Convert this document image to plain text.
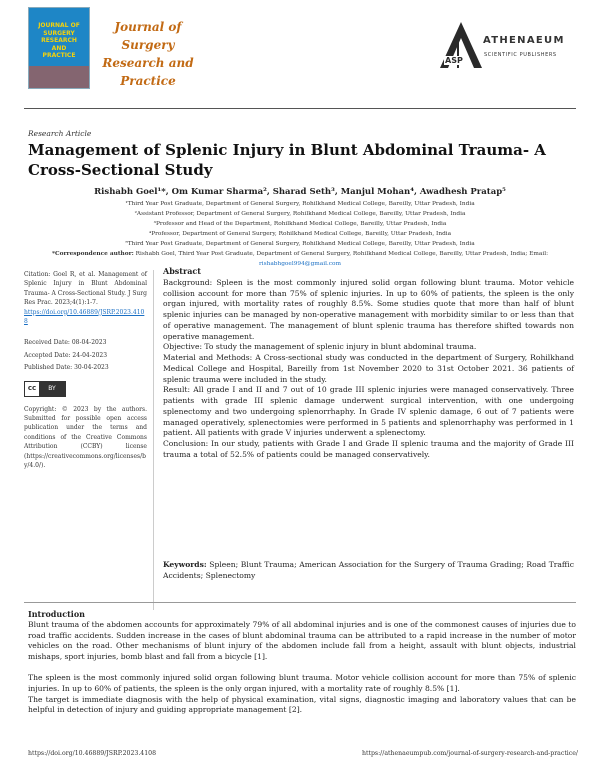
JOURNAL OF
SURGERY
RESEARCH
AND
PRACTICE
Journal of Surgery
Research and
Practice
ASP
ATHENAEUM
SCIENTIFIC PUBLISHERS
Research Article
Management of Splenic Injury in Blunt Abdominal Trauma- A Cross-Sectional Study
Rishabh Goel¹*, Om Kumar Sharma², Sharad Seth³, Manjul Mohan⁴, Awadhesh Pratap⁵

¹Third Year Post Graduate, Department of General Surgery, Rohilkhand Medical College, Bareilly, Uttar Pradesh, India

²Assistant Professor, Department of General Surgery, Rohilkhand Medical College, Bareilly, Uttar Pradesh, India

³Professor and Head of the Department, Rohilkhand Medical College, Bareilly, Uttar Pradesh, India

⁴Professor, Department of General Surgery, Rohilkhand Medical College, Bareilly, Uttar Pradesh, India

⁵Third Year Post Graduate, Department of General Surgery, Rohilkhand Medical College, Bareilly, Uttar Pradesh, India

*Correspondence author: Rishabh Goel, Third Year Post Graduate, Department of General Surgery, Rohilkhand Medical College, Bareilly, Uttar Pradesh, India; Email: rishabhgoel994@gmail.com

Citation: Goel R, et al. Management of Splenic Injury in Blunt Abdominal Trauma- A Cross-Sectional Study. J Surg Res Prac. 2023;4(1):1-7.

https://doi.org/10.46889/JSRP.2023.4108

Received Date: 08-04-2023

Accepted Date: 24-04-2023

Published Date: 30-04-2023

cc	BY

Copyright: © 2023 by the authors. Submitted for possible open access publication under the terms and conditions of the Creative Commons Attribution (CCBY) license (https://creativecommons.org/licenses/by/4.0/).

Abstract

Background: Spleen is the most commonly injured solid organ following blunt trauma. Motor vehicle collision account for more than 75% of splenic injuries. In up to 60% of patients, the spleen is the only organ injured, with mortality rates of roughly 8.5%. Some studies quote that more than half of blunt splenic injuries can be managed by non-operative management with morbidity similar to or less than that of operative management. The management of blunt splenic trauma has therefore shifted towards non operative management.

Objective: To study the management of splenic injury in blunt abdominal trauma.

Material and Methods: A Cross-sectional study was conducted in the department of Surgery, Rohilkhand Medical College and Hospital, Bareilly from 1st November 2020 to 31st October 2021. 36 patients of splenic trauma were included in the study.

Result: All grade I and II and 7 out of 10 grade III splenic injuries were managed conservatively. Three patients with grade III splenic damage underwent surgical intervention, with one undergoing splenectomy and two undergoing splenorrhaphy. In Grade IV splenic damage, 6 out of 7 patients were managed operatively, splenectomies were performed in 5 patients and splenorrhaphy was performed in 1 patient. All patients with grade V injuries underwent a splenectomy.

Conclusion: In our study, patients with Grade I and Grade II splenic trauma and the majority of Grade III trauma a total of 52.5% of patients could be managed conservatively.

Keywords: Spleen; Blunt Trauma; American Association for the Surgery of Trauma Grading; Road Traffic Accidents; Splenectomy

Introduction

Blunt trauma of the abdomen accounts for approximately 79% of all abdominal injuries and is one of the commonest causes of injuries due to road traffic accidents. Sudden increase in the cases of blunt abdominal trauma can be attributed to a rapid increase in the number of motor vehicles on the road. Other mechanisms of blunt injury of the abdomen include fall from a height, assault with blunt objects, industrial mishaps, sport injuries, bomb blast and fall from a bicycle [1].

The spleen is the most commonly injured solid organ following blunt trauma. Motor vehicle collision account for more than 75% of splenic injuries. In up to 60% of patients, the spleen is the only organ injured, with a mortality rate of roughly 8.5% [1].

The target is immediate diagnosis with the help of physical examination, vital signs, diagnostic imaging and laboratory values that can be helpful in detection of injury and guiding appropriate management [2].

https://doi.org/10.46889/JSRP.2023.4108	https://athenaeumpub.com/journal-of-surgery-research-and-practice/
